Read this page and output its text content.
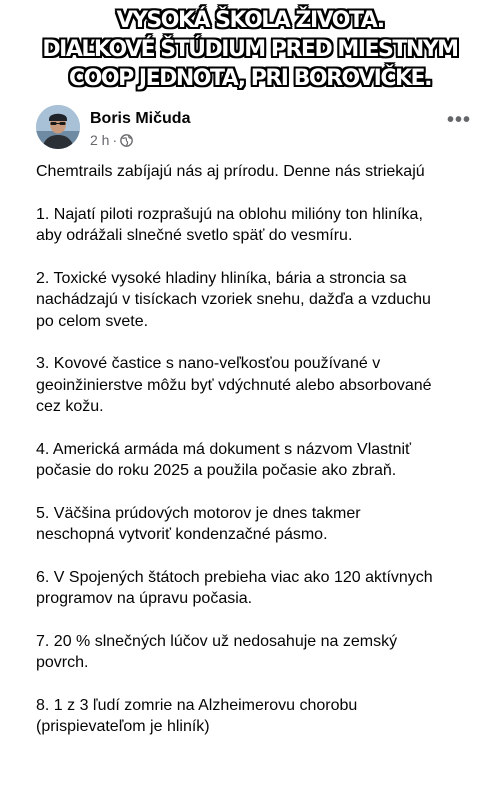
VYSOKÁ ŠKOLA ŽIVOTA.
DIAĽKOVÉ ŠTÚDIUM PRED MIESTNYM
COOP JEDNOTA, PRI BOROVIČKE.
Boris Mičuda
2 h ·
•••

Chemtrails zabíjajú nás aj prírodu. Denne nás striekajú

1. Najatí piloti rozprašujú na oblohu milióny ton hliníka,
aby odrážali slnečné svetlo späť do vesmíru.

2. Toxické vysoké hladiny hliníka, bária a stroncia sa
nachádzajú v tisíckach vzoriek snehu, dažďa a vzduchu
po celom svete.

3. Kovové častice s nano-veľkosťou používané v
geoinžinierstve môžu byť vdýchnuté alebo absorbované
cez kožu.

4. Americká armáda má dokument s názvom Vlastniť
počasie do roku 2025 a použila počasie ako zbraň.

5. Väčšina prúdových motorov je dnes takmer
neschopná vytvoriť kondenzačné pásmo.

6. V Spojených štátoch prebieha viac ako 120 aktívnych
programov na úpravu počasia.

7. 20 % slnečných lúčov už nedosahuje na zemský
povrch.

8. 1 z 3 ľudí zomrie na Alzheimerovu chorobu
(prispievateľom je hliník)
